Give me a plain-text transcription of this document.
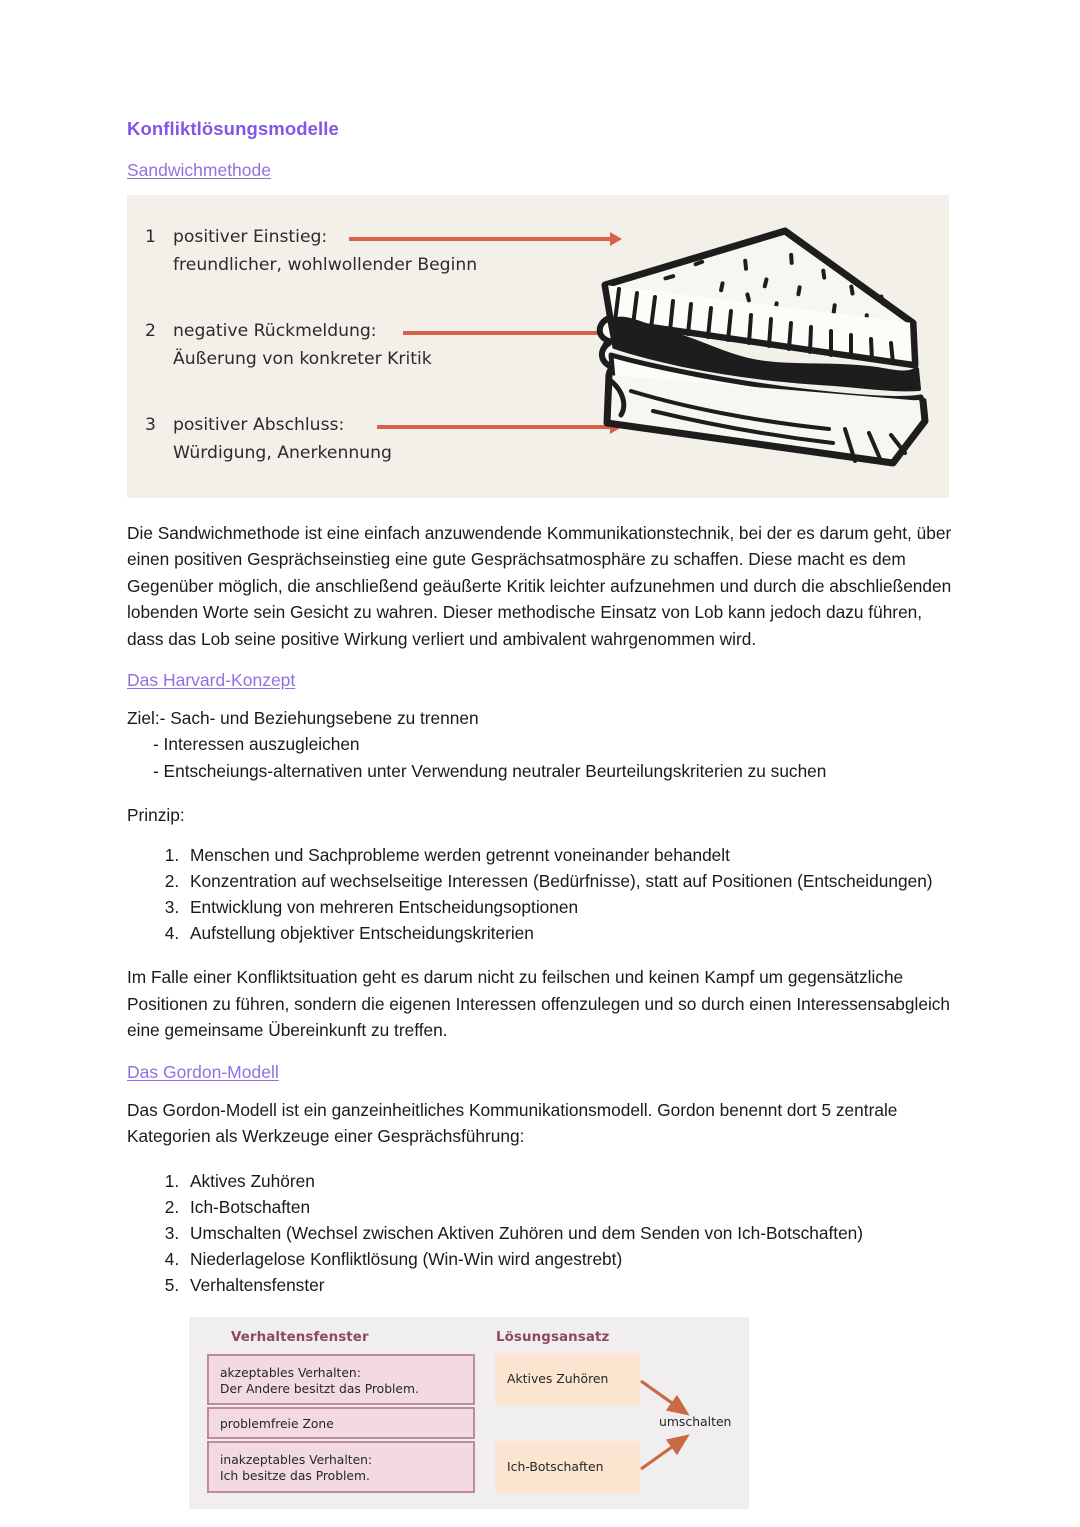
Konfliktlösungsmodelle
Sandwichmethode
1 positiver Einstieg:
freundlicher, wohlwollender Beginn
2 negative Rückmeldung:
Äußerung von konkreter Kritik
3 positiver Abschluss:
Würdigung, Anerkennung

Die Sandwichmethode ist eine einfach anzuwendende Kommunikationstechnik, bei der es darum geht, über einen positiven Gesprächseinstieg eine gute Gesprächsatmosphäre zu schaffen. Diese macht es dem Gegenüber möglich, die anschließend geäußerte Kritik leichter aufzunehmen und durch die abschließenden lobenden Worte sein Gesicht zu wahren. Dieser methodische Einsatz von Lob kann jedoch dazu führen, dass das Lob seine positive Wirkung verliert und ambivalent wahrgenommen wird.

Das Harvard-Konzept
Ziel:- Sach- und Beziehungsebene zu trennen
- Interessen auszugleichen
- Entscheiungs-alternativen unter Verwendung neutraler Beurteilungskriterien zu suchen

Prinzip:

1. Menschen und Sachprobleme werden getrennt voneinander behandelt
2. Konzentration auf wechselseitige Interessen (Bedürfnisse), statt auf Positionen (Entscheidungen)
3. Entwicklung von mehreren Entscheidungsoptionen
4. Aufstellung objektiver Entscheidungskriterien

Im Falle einer Konfliktsituation geht es darum nicht zu feilschen und keinen Kampf um gegensätzliche Positionen zu führen, sondern die eigenen Interessen offenzulegen und so durch einen Interessensabgleich eine gemeinsame Übereinkunft zu treffen.

Das Gordon-Modell

Das Gordon-Modell ist ein ganzeinheitliches Kommunikationsmodell. Gordon benennt dort 5 zentrale Kategorien als Werkzeuge einer Gesprächsführung:

1. Aktives Zuhören
2. Ich-Botschaften
3. Umschalten (Wechsel zwischen Aktiven Zuhören und dem Senden von Ich-Botschaften)
4. Niederlagelose Konfliktlösung (Win-Win wird angestrebt)
5. Verhaltensfenster
Verhaltensfenster	Lösungsansatz
akzeptables Verhalten:
Der Andere besitzt das Problem.
problemfreie Zone
inakzeptables Verhalten:
Ich besitze das Problem.
Aktives Zuhören
Ich-Botschaften
umschalten
